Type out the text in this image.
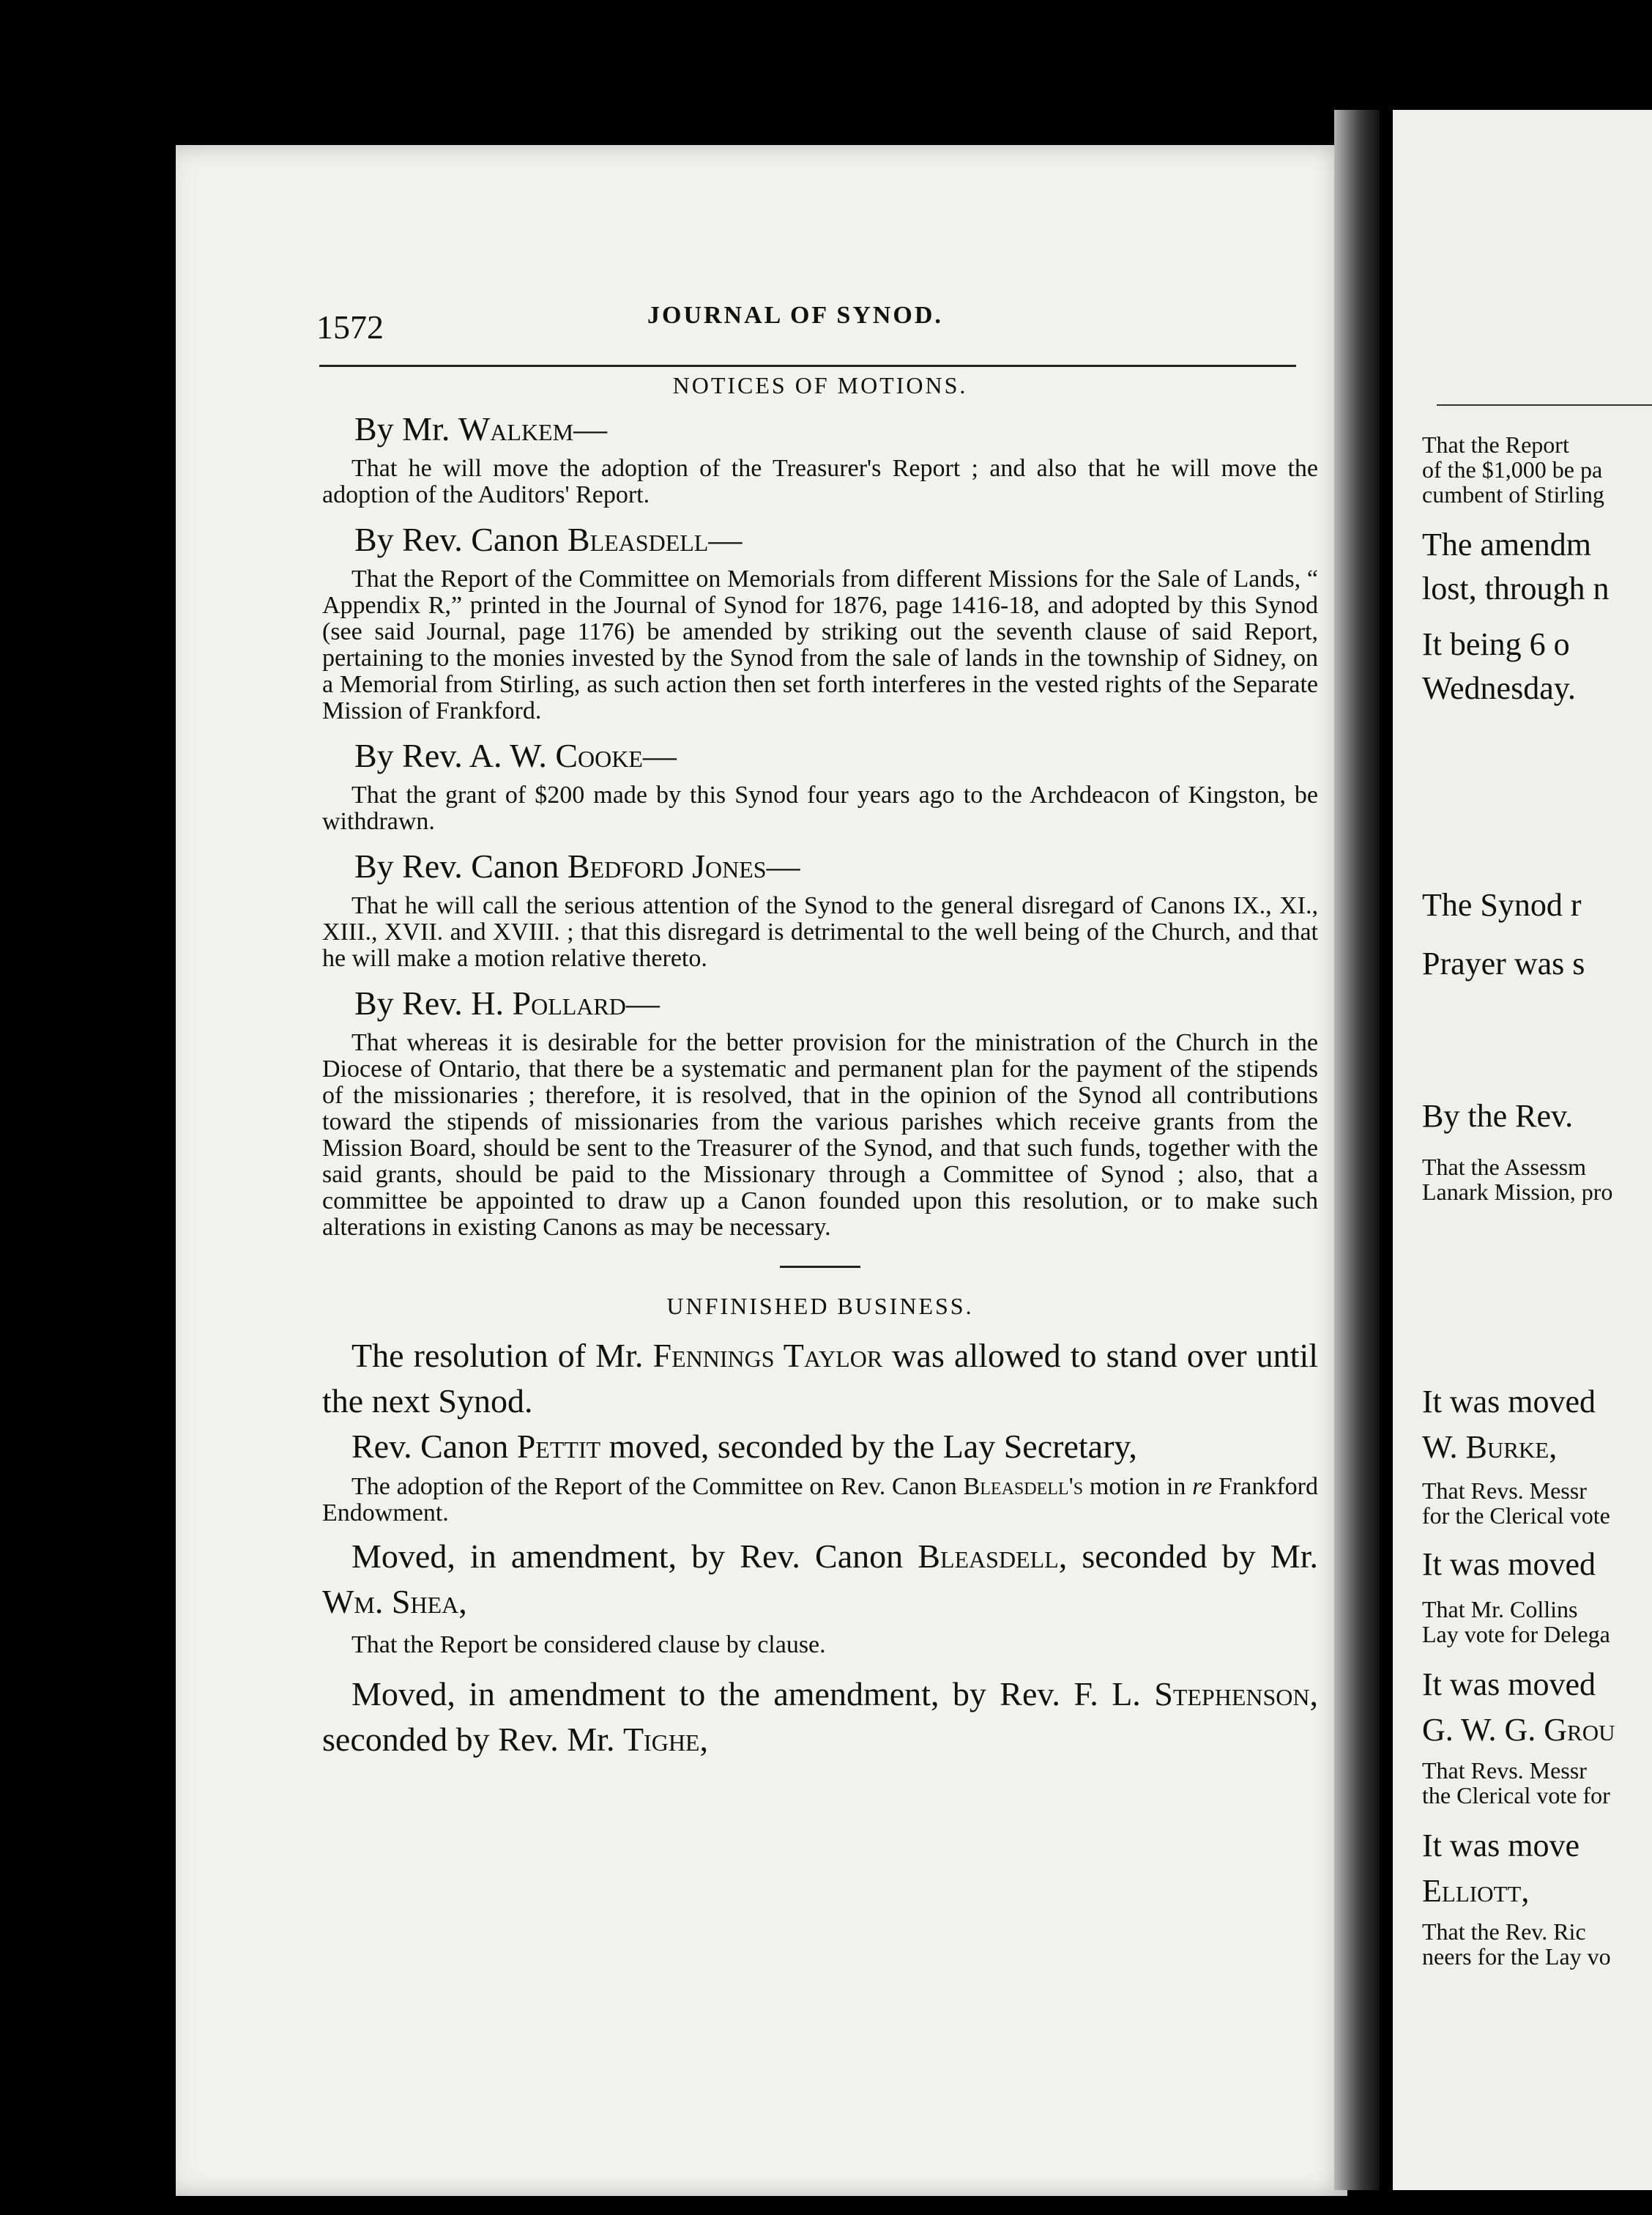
That the Report
of the $1,000 be pa
cumbent of Stirling
The amendm
lost, through n
It being 6 o
Wednesday.
The Synod r
Prayer was s
By the Rev.
That the Assessm
Lanark Mission, pro
It was moved
W. Burke,
That Revs. Messr
for the Clerical vote
It was moved
That Mr. Collins
Lay vote for Delega
It was moved
G. W. G. Grou
That Revs. Messr
the Clerical vote for
It was move
Elliott,
That the Rev. Ric
neers for the Lay vo
1572	JOURNAL OF SYNOD.
NOTICES OF MOTIONS.
By Mr. Walkem—
That he will move the adoption of the Treasurer's Report ; and also that he will move the adoption of the Auditors' Report.
By Rev. Canon Bleasdell—
That the Report of the Committee on Memorials from different Missions for the Sale of Lands, “ Appendix R,” printed in the Journal of Synod for 1876, page 1416-18, and adopted by this Synod (see said Journal, page 1176) be amended by striking out the seventh clause of said Report, pertaining to the monies invested by the Synod from the sale of lands in the township of Sidney, on a Memorial from Stirling, as such action then set forth interferes in the vested rights of the Separate Mission of Frankford.
By Rev. A. W. Cooke—
That the grant of $200 made by this Synod four years ago to the Archdeacon of Kingston, be withdrawn.
By Rev. Canon Bedford Jones—
That he will call the serious attention of the Synod to the general disregard of Canons IX., XI., XIII., XVII. and XVIII. ; that this disregard is detrimental to the well being of the Church, and that he will make a motion relative thereto.
By Rev. H. Pollard—
That whereas it is desirable for the better provision for the ministration of the Church in the Diocese of Ontario, that there be a systematic and permanent plan for the payment of the stipends of the missionaries ; therefore, it is resolved, that in the opinion of the Synod all contributions toward the stipends of missionaries from the various parishes which receive grants from the Mission Board, should be sent to the Treasurer of the Synod, and that such funds, together with the said grants, should be paid to the Missionary through a Committee of Synod ; also, that a committee be appointed to draw up a Canon founded upon this resolution, or to make such alterations in existing Canons as may be necessary.
UNFINISHED BUSINESS.
The resolution of Mr. Fennings Taylor was allowed to stand over until the next Synod.
Rev. Canon Pettit moved, seconded by the Lay Secretary,
The adoption of the Report of the Committee on Rev. Canon Bleasdell's motion in re Frankford Endowment.
Moved, in amendment, by Rev. Canon Bleasdell, seconded by Mr. Wm. Shea,
That the Report be considered clause by clause.
Moved, in amendment to the amendment, by Rev. F. L. Stephenson, seconded by Rev. Mr. Tighe,
